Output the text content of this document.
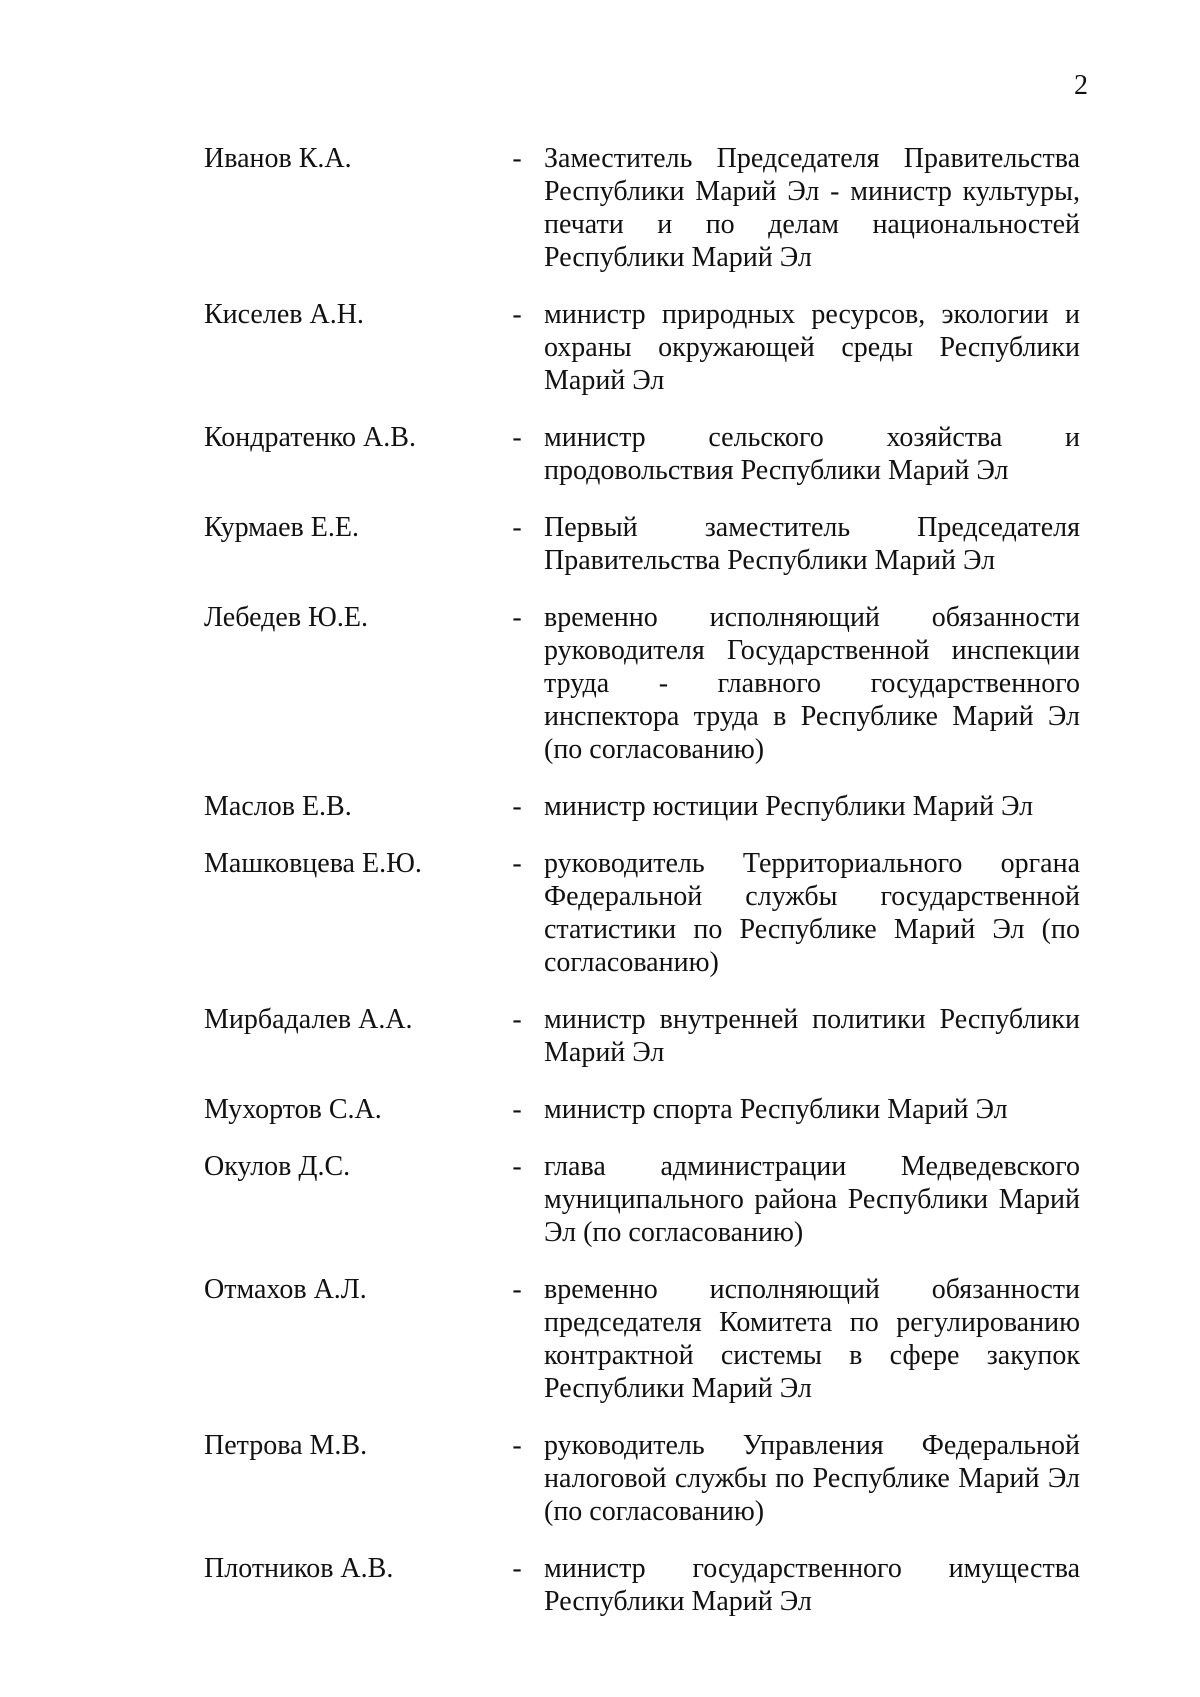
2
Иванов К.А.	- Заместитель Председателя Правительства Республики Марий Эл - министр культуры, печати и по делам национальностей Республики Марий Эл
Киселев А.Н.	- министр природных ресурсов, экологии и охраны окружающей среды Республики Марий Эл
Кондратенко А.В.	- министр сельского хозяйства и продовольствия Республики Марий Эл
Курмаев Е.Е.	- Первый заместитель Председателя Правительства Республики Марий Эл
Лебедев Ю.Е.	- временно исполняющий обязанности руководителя Государственной инспекции труда - главного государственного инспектора труда в Республике Марий Эл (по согласованию)
Маслов Е.В.	- министр юстиции Республики Марий Эл
Машковцева Е.Ю.	- руководитель Территориального органа Федеральной службы государственной статистики по Республике Марий Эл (по согласованию)
Мирбадалев А.А.	- министр внутренней политики Республики Марий Эл
Мухортов С.А.	- министр спорта Республики Марий Эл
Окулов Д.С.	- глава администрации Медведевского муниципального района Республики Марий Эл (по согласованию)
Отмахов А.Л.	- временно исполняющий обязанности председателя Комитета по регулированию контрактной системы в сфере закупок Республики Марий Эл
Петрова М.В.	- руководитель Управления Федеральной налоговой службы по Республике Марий Эл (по согласованию)
Плотников А.В.	- министр государственного имущества Республики Марий Эл
